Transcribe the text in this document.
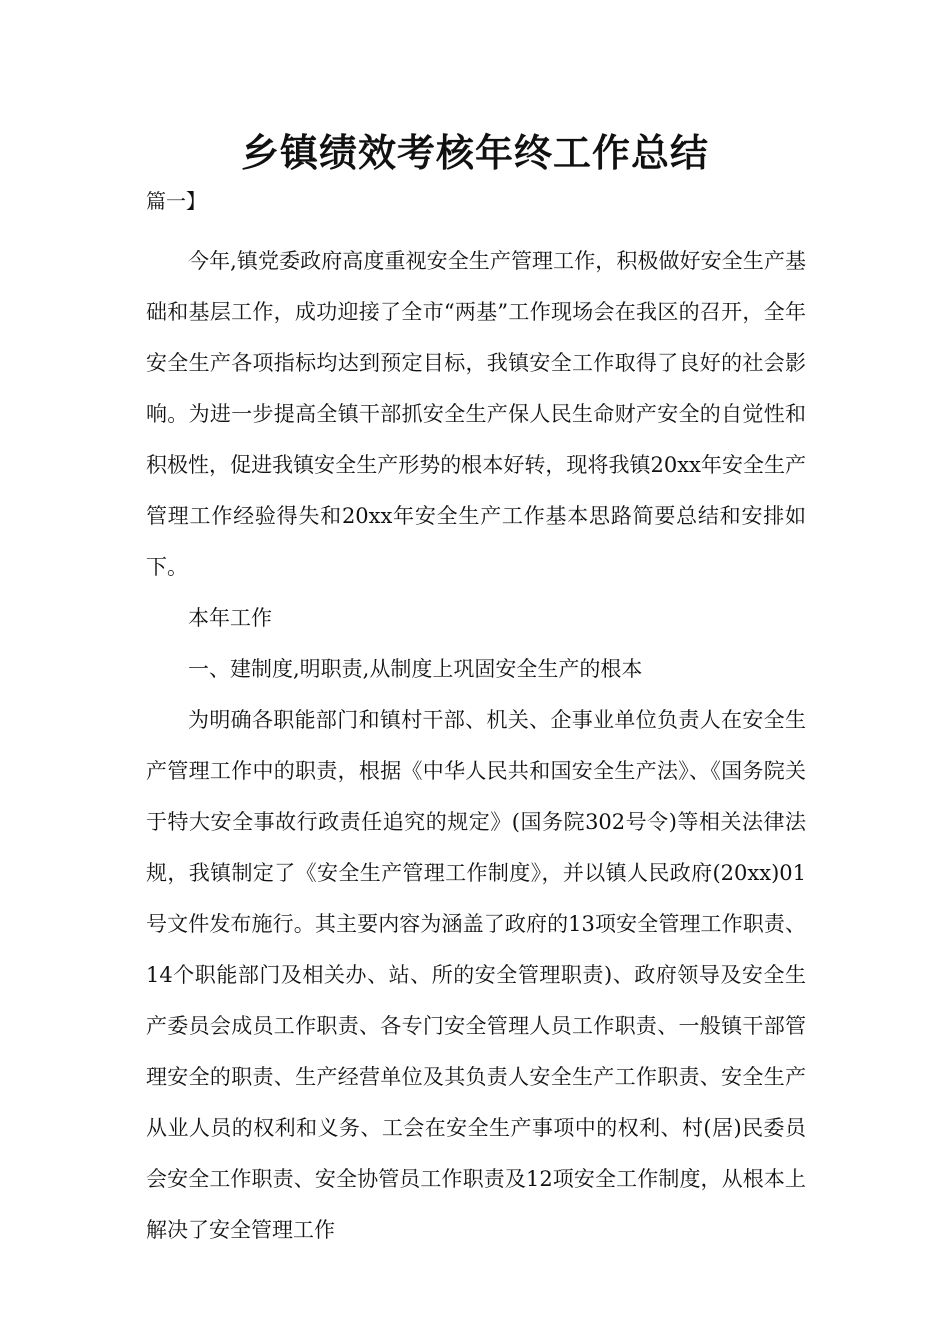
乡镇绩效考核年终工作总结
篇一】

今年,镇党委政府高度重视安全生产管理工作，积极做好安全生产基础和基层工作，成功迎接了全市“两基”工作现场会在我区的召开，全年安全生产各项指标均达到预定目标，我镇安全工作取得了良好的社会影响。为进一步提高全镇干部抓安全生产保人民生命财产安全的自觉性和积极性，促进我镇安全生产形势的根本好转，现将我镇20xx年安全生产管理工作经验得失和20xx年安全生产工作基本思路简要总结和安排如下。

本年工作

一、建制度,明职责,从制度上巩固安全生产的根本

为明确各职能部门和镇村干部、机关、企事业单位负责人在安全生产管理工作中的职责，根据《中华人民共和国安全生产法》、《国务院关于特大安全事故行政责任追究的规定》(国务院302号令)等相关法律法规，我镇制定了《安全生产管理工作制度》，并以镇人民政府(20xx)01号文件发布施行。其主要内容为涵盖了政府的13项安全管理工作职责、14个职能部门及相关办、站、所的安全管理职责)、政府领导及安全生产委员会成员工作职责、各专门安全管理人员工作职责、一般镇干部管理安全的职责、生产经营单位及其负责人安全生产工作职责、安全生产从业人员的权利和义务、工会在安全生产事项中的权利、村(居)民委员会安全工作职责、安全协管员工作职责及12项安全工作制度，从根本上解决了安全管理工作
